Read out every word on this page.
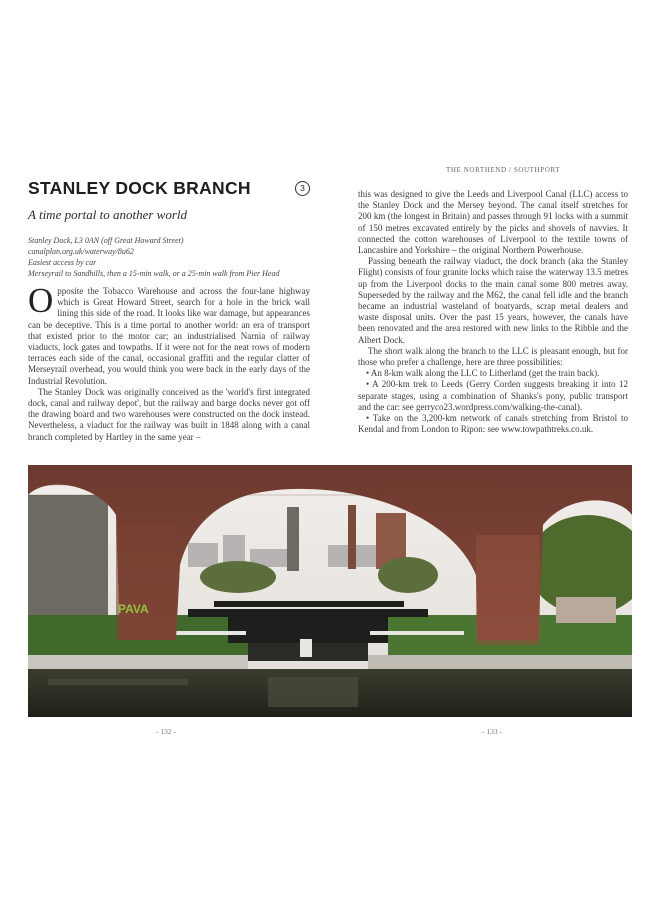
THE NORTHEND / SOUTHPORT
STANLEY DOCK BRANCH	3
A time portal to another world
Stanley Dock, L3 0AN (off Great Howard Street)
canalplan.org.uk/waterway/8u62
Easiest access by car
Merseyrail to Sandhills, then a 15-min walk, or a 25-min walk from Pier Head

Opposite the Tobacco Warehouse and across the four-lane highway which is Great Howard Street, search for a hole in the brick wall lining this side of the road. It looks like war damage, but appearances can be deceptive. This is a time portal to another world: an era of transport that existed prior to the motor car; an industrialised Narnia of railway viaducts, lock gates and towpaths. If it were not for the neat rows of modern terraces each side of the canal, occasional graffiti and the regular clatter of Merseyrail overhead, you would think you were back in the early days of the Industrial Revolution.

The Stanley Dock was originally conceived as the 'world's first integrated dock, canal and railway depot', but the railway and barge docks never got off the drawing board and two warehouses were constructed on the dock instead. Nevertheless, a viaduct for the railway was built in 1848 along with a canal branch completed by Hartley in the same year –

this was designed to give the Leeds and Liverpool Canal (LLC) access to the Stanley Dock and the Mersey beyond. The canal itself stretches for 200 km (the longest in Britain) and passes through 91 locks with a summit of 150 metres excavated entirely by the picks and shovels of navvies. It connected the cotton warehouses of Liverpool to the textile towns of Lancashire and Yorkshire – the original Northern Powerhouse.

Passing beneath the railway viaduct, the dock branch (aka the Stanley Flight) consists of four granite locks which raise the waterway 13.5 metres up from the Liverpool docks to the main canal some 800 metres away. Superseded by the railway and the M62, the canal fell idle and the branch became an industrial wasteland of boatyards, scrap metal dealers and waste disposal units. Over the past 15 years, however, the canals have been renovated and the area restored with new links to the Ribble and the Albert Dock.

The short walk along the branch to the LLC is pleasant enough, but for those who prefer a challenge, here are three possibilities:

• An 8-km walk along the LLC to Litherland (get the train back).

• A 200-km trek to Leeds (Gerry Corden suggests breaking it into 12 separate stages, using a combination of Shanks's pony, public transport and the car: see gerryco23.wordpress.com/walking-the-canal).

• Take on the 3,200-km network of canals stretching from Bristol to Kendal and from London to Ripon: see www.towpathtreks.co.uk.

PAVA
- 132 -	- 133 -
